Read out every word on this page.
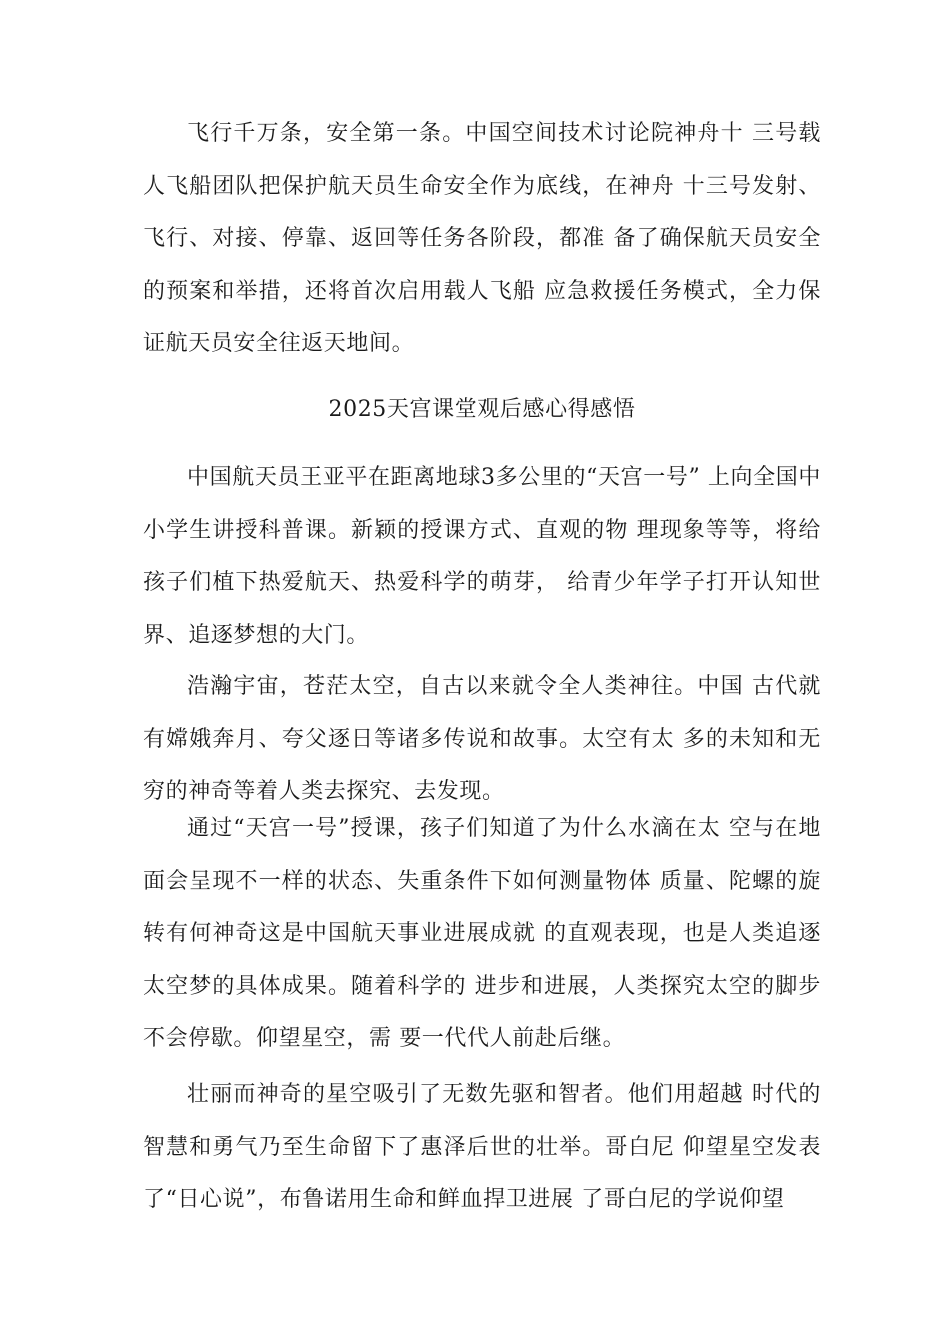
飞行千万条，安全第一条。中国空间技术讨论院神舟十 三号载人飞船团队把保护航天员生命安全作为底线，在神舟 十三号发射、飞行、对接、停靠、返回等任务各阶段，都准 备了确保航天员安全的预案和举措，还将首次启用载人飞船 应急救援任务模式，全力保证航天员安全往返天地间。

2025天宫课堂观后感心得感悟

中国航天员王亚平在距离地球3多公里的“天宫一号” 上向全国中小学生讲授科普课。新颖的授课方式、直观的物 理现象等等，将给孩子们植下热爱航天、热爱科学的萌芽， 给青少年学子打开认知世界、追逐梦想的大门。

浩瀚宇宙，苍茫太空，自古以来就令全人类神往。中国 古代就有嫦娥奔月、夸父逐日等诸多传说和故事。太空有太 多的未知和无穷的神奇等着人类去探究、去发现。

通过“天宫一号”授课，孩子们知道了为什么水滴在太 空与在地面会呈现不一样的状态、失重条件下如何测量物体 质量、陀螺的旋转有何神奇这是中国航天事业进展成就 的直观表现，也是人类追逐太空梦的具体成果。随着科学的 进步和进展，人类探究太空的脚步不会停歇。仰望星空，需 要一代代人前赴后继。

壮丽而神奇的星空吸引了无数先驱和智者。他们用超越 时代的智慧和勇气乃至生命留下了惠泽后世的壮举。哥白尼 仰望星空发表了“日心说”，布鲁诺用生命和鲜血捍卫进展 了哥白尼的学说仰望
